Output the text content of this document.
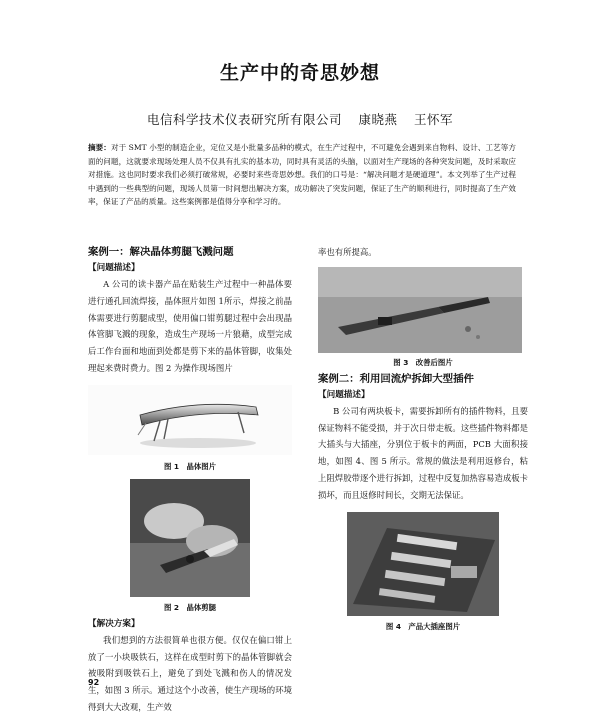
生产中的奇思妙想
电信科学技术仪表研究所有限公司 康晓燕 王怀军
摘要：对于 SMT 小型的制造企业，定位又是小批量多品种的模式，在生产过程中，不可避免会遇到来自物料、设计、工艺等方面的问题，这就要求现场处理人员不仅具有扎实的基本功，同时具有灵活的头脑，以面对生产现场的各种突发问题，及时采取应对措施。这也同时要求我们必须打破常规，必要时来些奇思妙想。我们的口号是：“解决问题才是硬道理”。本文列举了生产过程中遇到的一些典型的问题，现场人员第一时间想出解决方案，成功解决了突发问题，保证了生产的顺利进行，同时提高了生产效率，保证了产品的质量。这些案例都是值得分享和学习的。
案例一：解决晶体剪腿飞溅问题
【问题描述】

A 公司的读卡器产品在贴装生产过程中一种晶体要进行通孔回流焊接，晶体照片如图 1所示，焊接之前晶体需要进行剪腿成型，使用偏口钳剪腿过程中会出现晶体管脚飞溅的现象，造成生产现场一片狼藉，成型完成后工作台面和地面到处都是剪下来的晶体管脚，收集处理起来费时费力。图 2 为操作现场图片

图 1　晶体图片
图 2　晶体剪腿
【解决方案】

我们想到的方法很简单也很方便。仅仅在偏口钳上放了一小块吸铁石，这样在成型时剪下的晶体管脚就会被吸附到吸铁石上，避免了到处飞溅和伤人的情况发生，如图 3 所示。通过这个小改善，使生产现场的环境得到大大改观，生产效

率也有所提高。

图 3　改善后图片
案例二：利用回流炉拆卸大型插件
【问题描述】

B 公司有两块板卡，需要拆卸所有的插件物料，且要保证物料不能受损，并于次日带走板。这些插件物料都是大插头与大插座，分别位于板卡的两面，PCB 大面积接地，如图 4、图 5 所示。常规的做法是利用返修台，粘上阻焊胶带逐个进行拆卸，过程中反复加热容易造成板卡损坏，而且返修时间长，交期无法保证。

图 4　产品大插座图片
92
